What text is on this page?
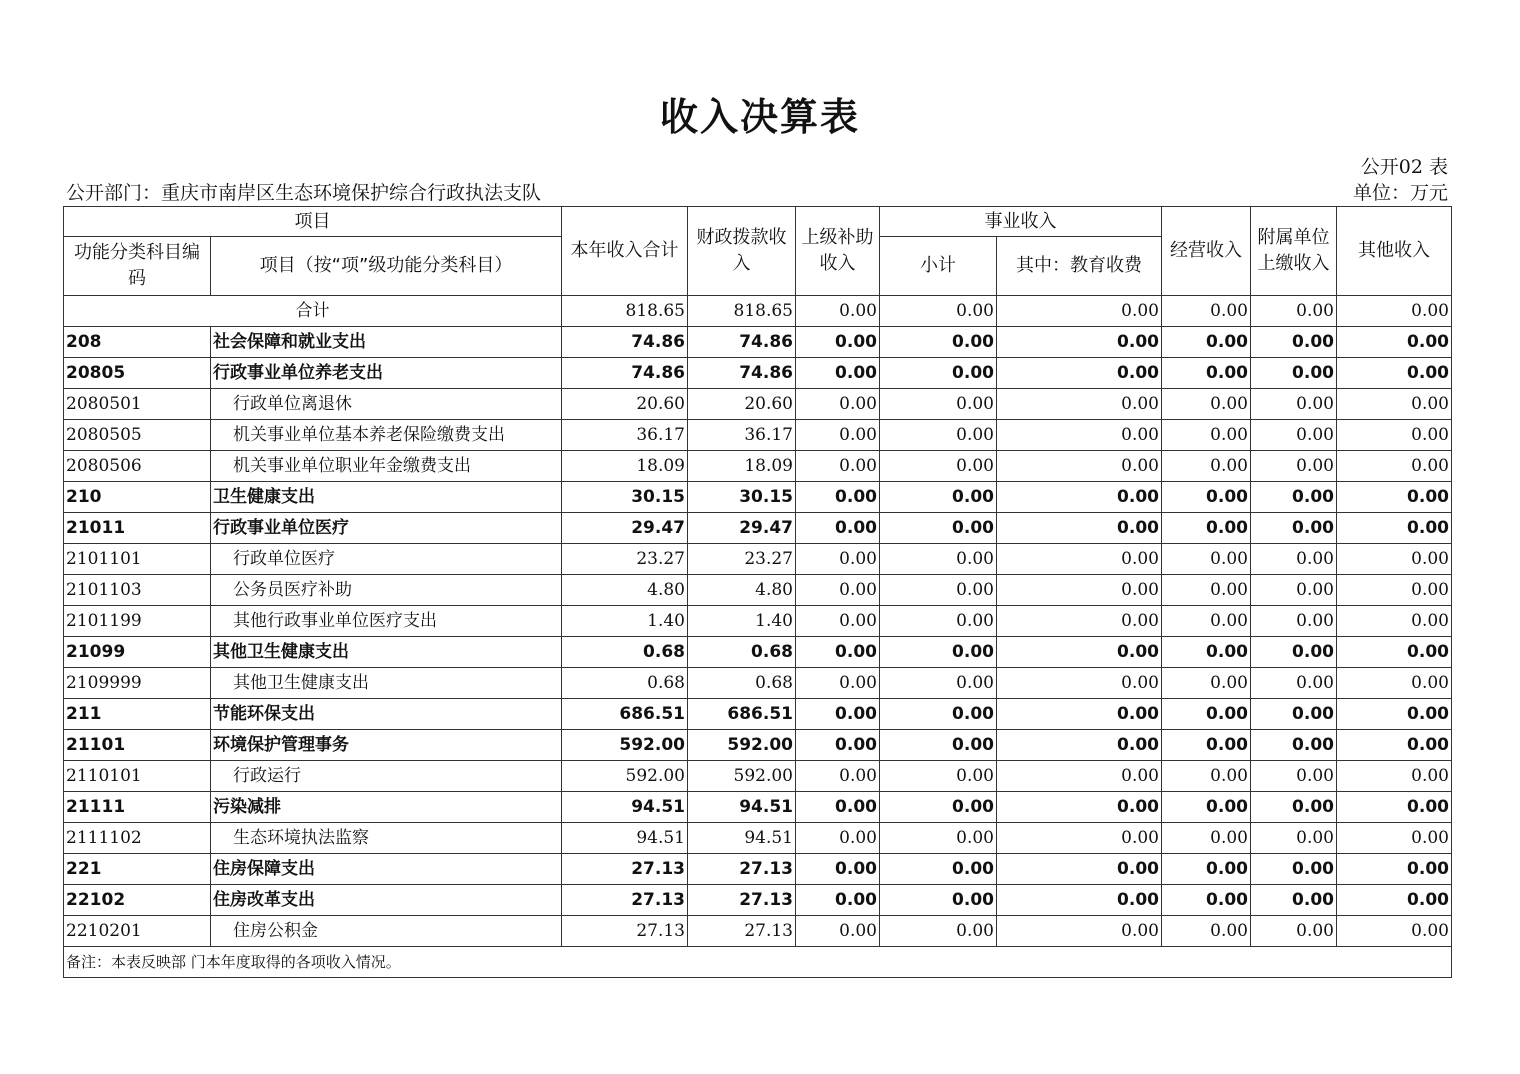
收入决算表
公开02 表
公开部门：重庆市南岸区生态环境保护综合行政执法支队	单位：万元
项目		本年收入合计	财政拨款收入	上级补助收入	事业收入		经营收入	附属单位上缴收入	其他收入
功能分类科目编码	项目（按“项”级功能分类科目）				小计	其中：教育收费			
合计		818.65	818.65	0.00	0.00	0.00	0.00	0.00	0.00
208	社会保障和就业支出	74.86	74.86	0.00	0.00	0.00	0.00	0.00	0.00
20805	行政事业单位养老支出	74.86	74.86	0.00	0.00	0.00	0.00	0.00	0.00
2080501	行政单位离退休	20.60	20.60	0.00	0.00	0.00	0.00	0.00	0.00
2080505	机关事业单位基本养老保险缴费支出	36.17	36.17	0.00	0.00	0.00	0.00	0.00	0.00
2080506	机关事业单位职业年金缴费支出	18.09	18.09	0.00	0.00	0.00	0.00	0.00	0.00
210	卫生健康支出	30.15	30.15	0.00	0.00	0.00	0.00	0.00	0.00
21011	行政事业单位医疗	29.47	29.47	0.00	0.00	0.00	0.00	0.00	0.00
2101101	行政单位医疗	23.27	23.27	0.00	0.00	0.00	0.00	0.00	0.00
2101103	公务员医疗补助	4.80	4.80	0.00	0.00	0.00	0.00	0.00	0.00
2101199	其他行政事业单位医疗支出	1.40	1.40	0.00	0.00	0.00	0.00	0.00	0.00
21099	其他卫生健康支出	0.68	0.68	0.00	0.00	0.00	0.00	0.00	0.00
2109999	其他卫生健康支出	0.68	0.68	0.00	0.00	0.00	0.00	0.00	0.00
211	节能环保支出	686.51	686.51	0.00	0.00	0.00	0.00	0.00	0.00
21101	环境保护管理事务	592.00	592.00	0.00	0.00	0.00	0.00	0.00	0.00
2110101	行政运行	592.00	592.00	0.00	0.00	0.00	0.00	0.00	0.00
21111	污染减排	94.51	94.51	0.00	0.00	0.00	0.00	0.00	0.00
2111102	生态环境执法监察	94.51	94.51	0.00	0.00	0.00	0.00	0.00	0.00
221	住房保障支出	27.13	27.13	0.00	0.00	0.00	0.00	0.00	0.00
22102	住房改革支出	27.13	27.13	0.00	0.00	0.00	0.00	0.00	0.00
2210201	住房公积金	27.13	27.13	0.00	0.00	0.00	0.00	0.00	0.00
备注：本表反映部 门本年度取得的各项收入情况。									
